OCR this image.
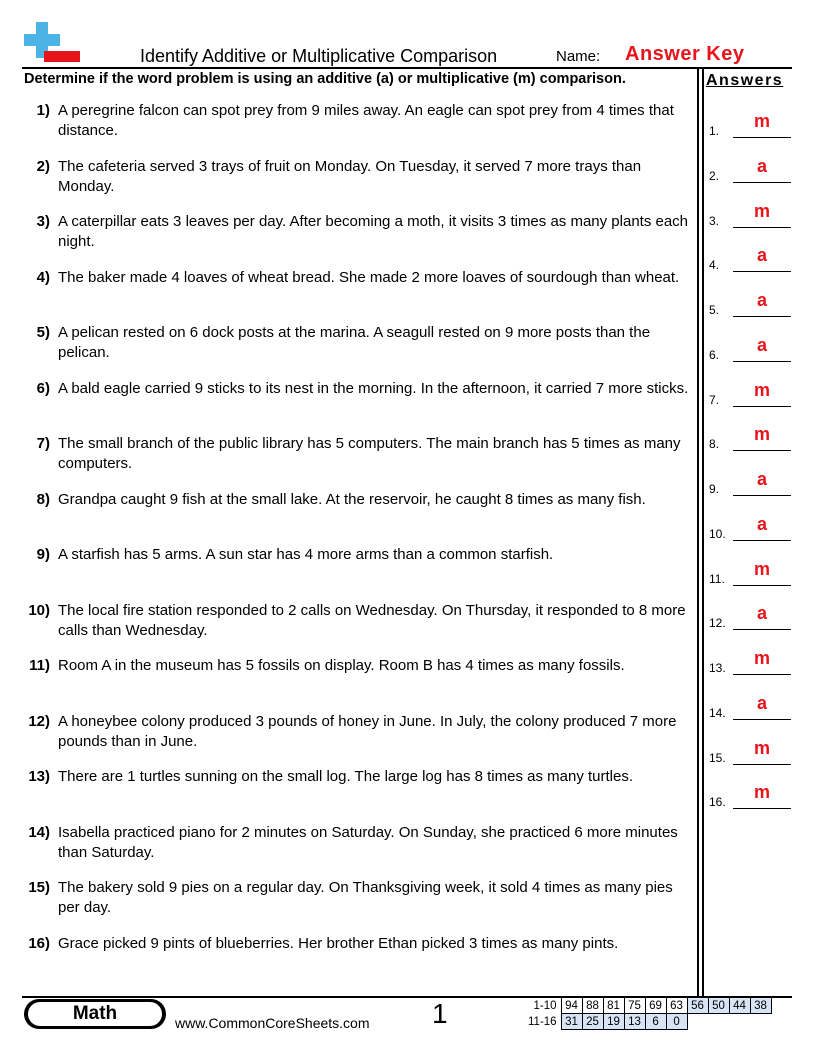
Identify Additive or Multiplicative Comparison	Name: Answer Key
Determine if the word problem is using an additive (a) or multiplicative (m) comparison.	Answers
1) A peregrine falcon can spot prey from 9 miles away. An eagle can spot prey from 4 times that distance.
2) The cafeteria served 3 trays of fruit on Monday. On Tuesday, it served 7 more trays than Monday.
3) A caterpillar eats 3 leaves per day. After becoming a moth, it visits 3 times as many plants each night.
4) The baker made 4 loaves of wheat bread. She made 2 more loaves of sourdough than wheat.
5) A pelican rested on 6 dock posts at the marina. A seagull rested on 9 more posts than the pelican.
6) A bald eagle carried 9 sticks to its nest in the morning. In the afternoon, it carried 7 more sticks.
7) The small branch of the public library has 5 computers. The main branch has 5 times as many computers.
8) Grandpa caught 9 fish at the small lake. At the reservoir, he caught 8 times as many fish.
9) A starfish has 5 arms. A sun star has 4 more arms than a common starfish.
10) The local fire station responded to 2 calls on Wednesday. On Thursday, it responded to 8 more calls than Wednesday.
11) Room A in the museum has 5 fossils on display. Room B has 4 times as many fossils.
12) A honeybee colony produced 3 pounds of honey in June. In July, the colony produced 7 more pounds than in June.
13) There are 1 turtles sunning on the small log. The large log has 8 times as many turtles.
14) Isabella practiced piano for 2 minutes on Saturday. On Sunday, she practiced 6 more minutes than Saturday.
15) The bakery sold 9 pies on a regular day. On Thanksgiving week, it sold 4 times as many pies per day.
16) Grace picked 9 pints of blueberries. Her brother Ethan picked 3 times as many pints.
1.	m
2.	a
3.	m
4.	a
5.	a
6.	a
7.	m
8.	m
9.	a
10.	a
11.	m
12.	a
13.	m
14.	a
15.	m
16.	m
Math	www.CommonCoreSheets.com 1	1-10	94	88	81	75	69	63	56	50	44	38
11-16	31	25	19	13	6	0				
